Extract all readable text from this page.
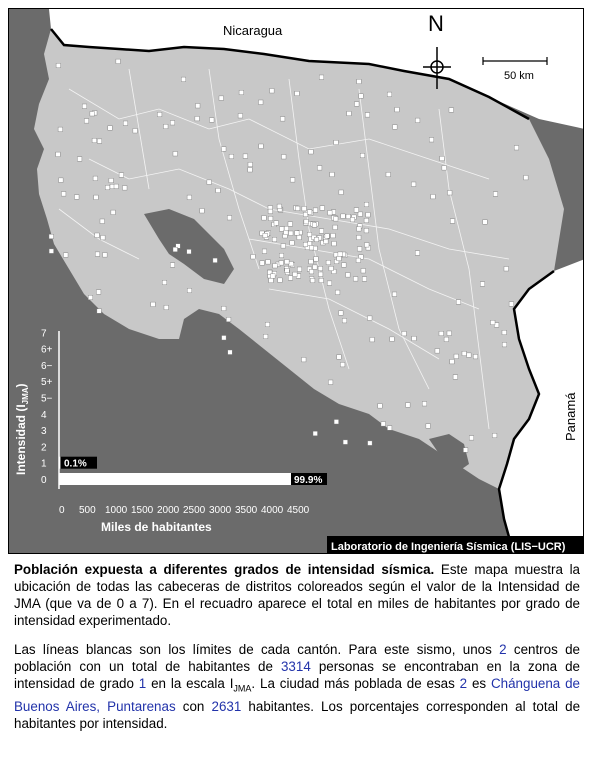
Nicaragua
Panamá
N
50 km
0
1
2
3
4
5−
5+
6−
6+
7
99.9%
0.1%
0 500 1000 1500 2000 2500 3000 3500 4000 4500
Intensidad $(I_{JMA})$
Miles de habitantes
Laboratorio de Ingeniería Sísmica (LIS−UCR)

Población expuesta a diferentes grados de intensidad sísmica. Este mapa muestra la ubicación de todas las cabeceras de distritos coloreados según el valor de la Intensidad de JMA (que va de 0 a 7). En el recuadro aparece el total en miles de habitantes por grado de intensidad experimentado.

Las líneas blancas son los límites de cada cantón. Para este sismo, unos 2 centros de población con un total de habitantes de 3314 personas se encontraban en la zona de intensidad de grado 1 en la escala $I_{JMA}$. La ciudad más poblada de esas 2 es Chánguena de Buenos Aires, Puntarenas con 2631 habitantes. Los porcentajes corresponden al total de habitantes por intensidad.
